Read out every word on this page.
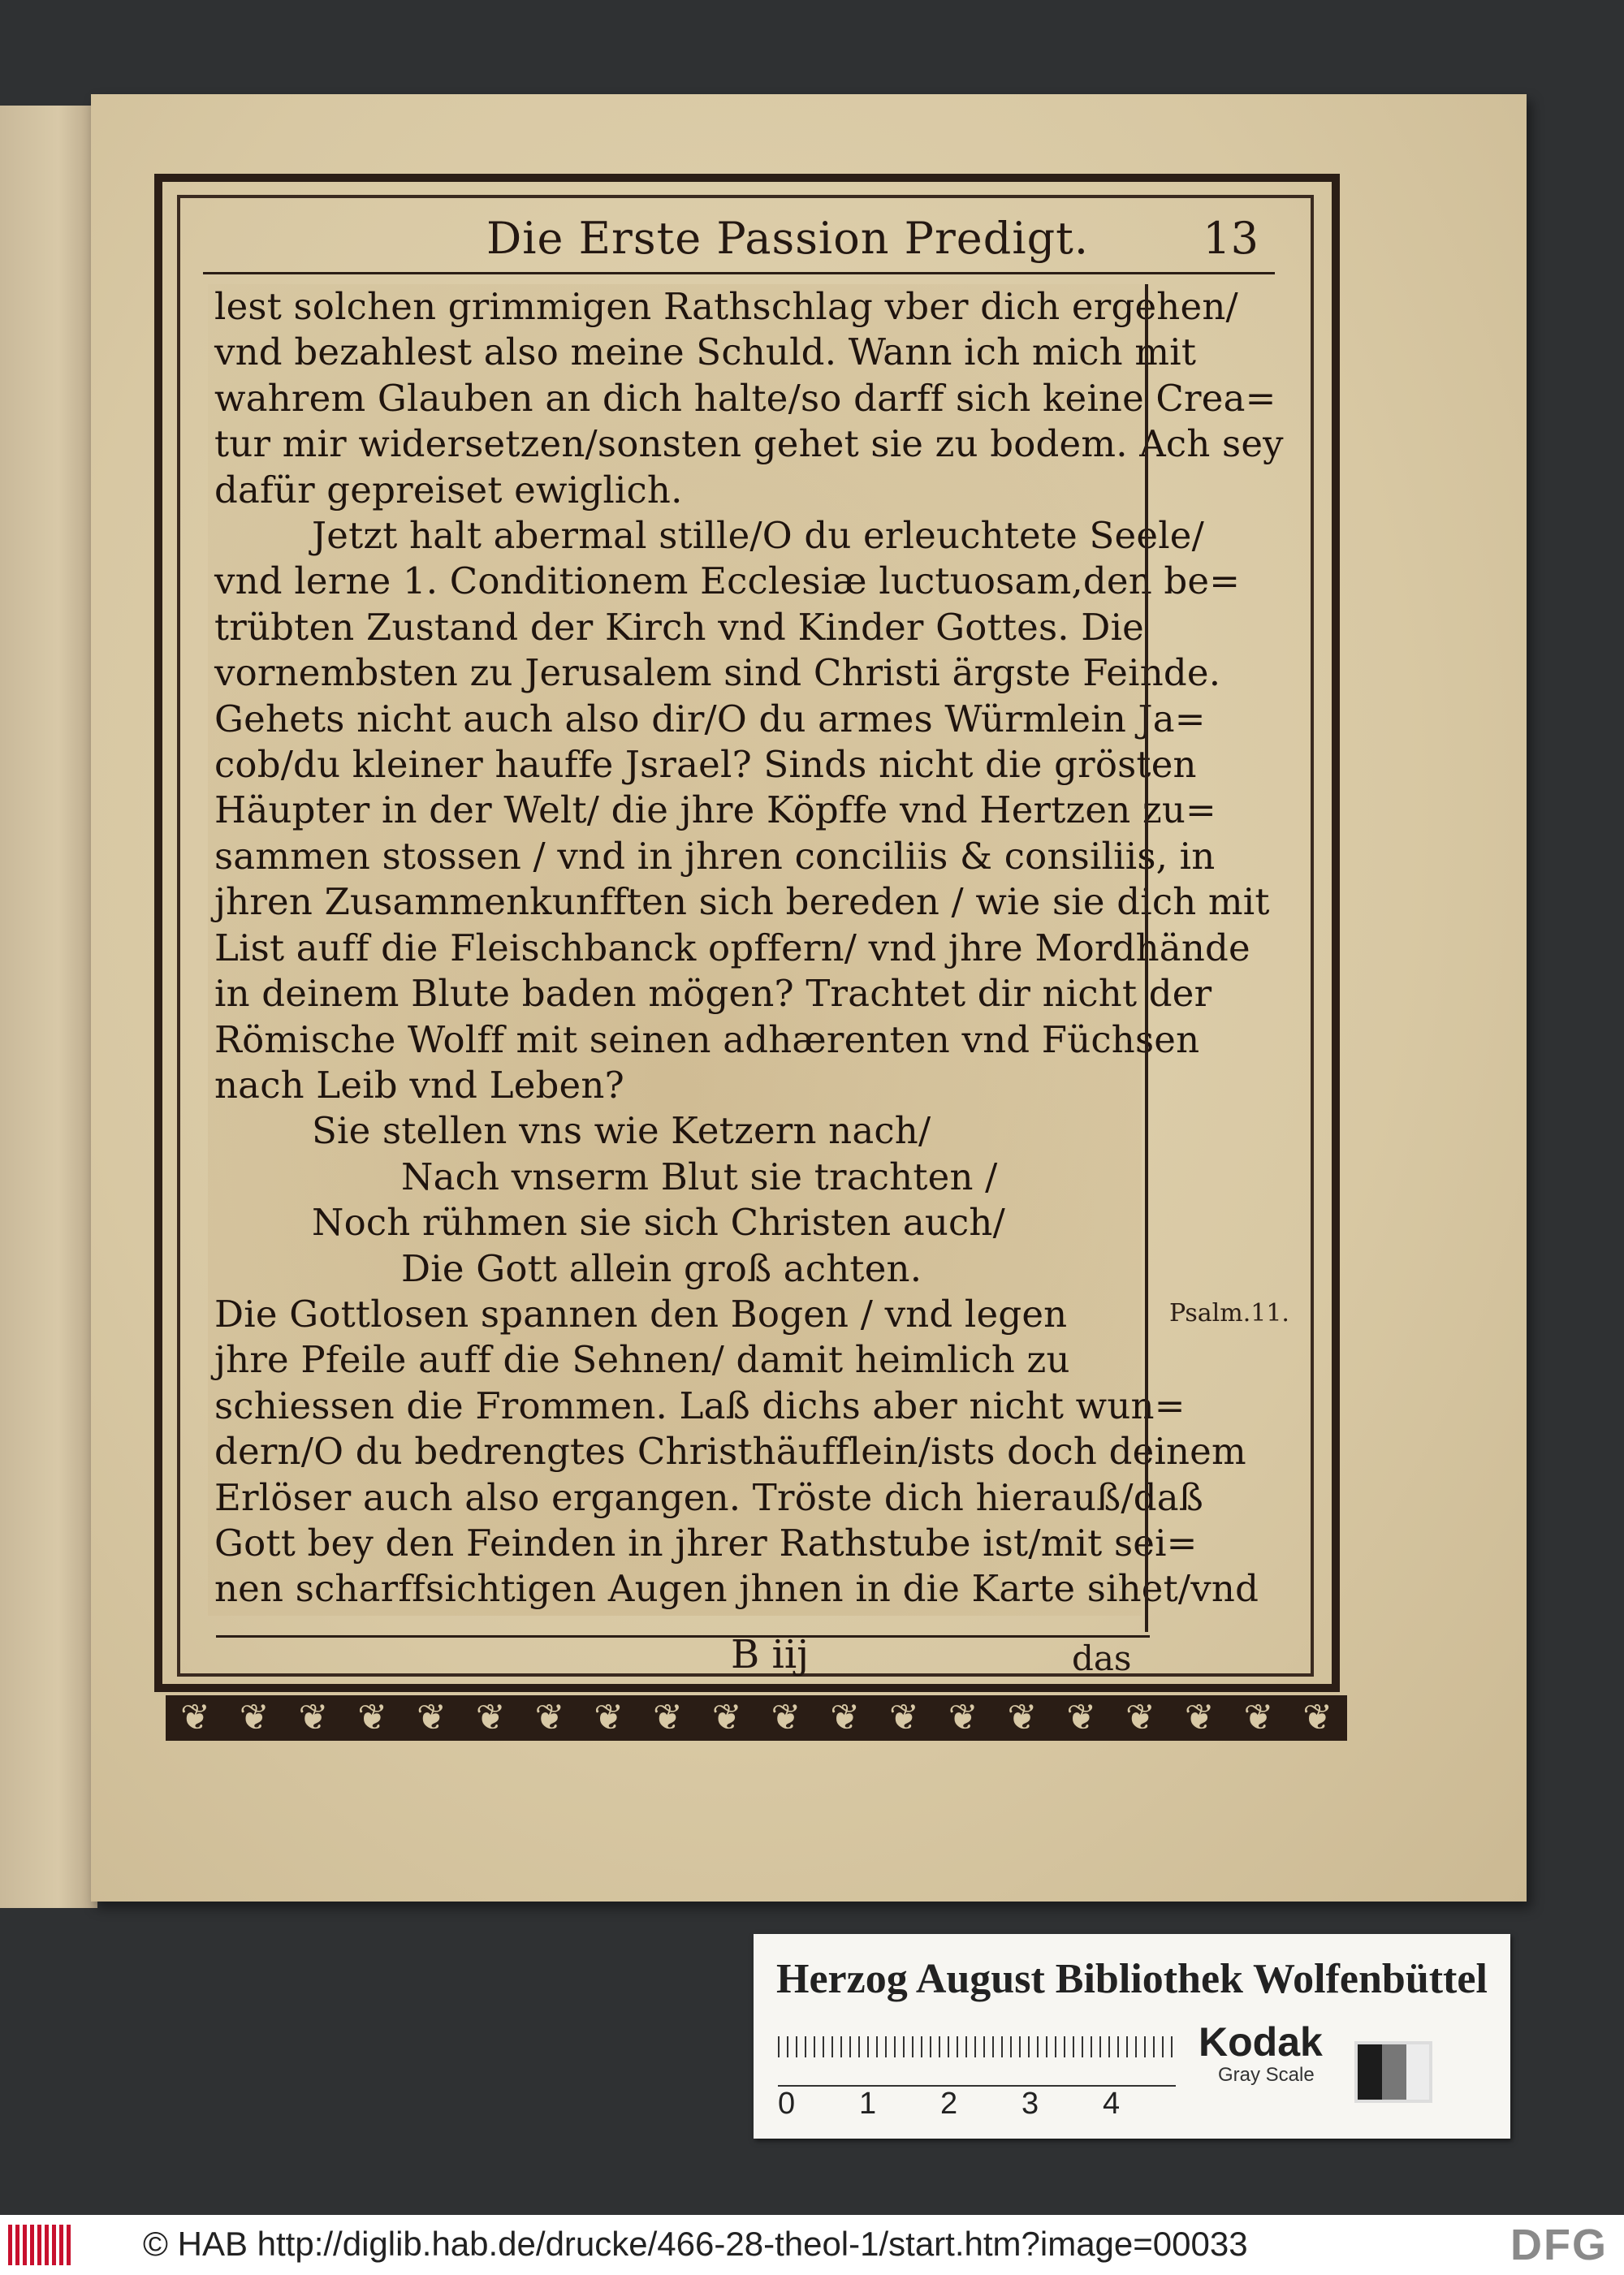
Die Erste Passion Predigt.	13
lest solchen grimmigen Rathschlag vber dich ergehen/
vnd bezahlest also meine Schuld. Wann ich mich mit
wahrem Glauben an dich halte/so darff sich keine Crea=
tur mir widersetzen/sonsten gehet sie zu bodem. Ach sey
dafür gepreiset ewiglich.
Jetzt halt abermal stille/O du erleuchtete Seele/
vnd lerne 1. Conditionem Ecclesiæ luctuosam,den be=
trübten Zustand der Kirch vnd Kinder Gottes. Die
vornembsten zu Jerusalem sind Christi ärgste Feinde.
Gehets nicht auch also dir/O du armes Würmlein Ja=
cob/du kleiner hauffe Jsrael? Sinds nicht die grösten
Häupter in der Welt/ die jhre Köpffe vnd Hertzen zu=
sammen stossen / vnd in jhren conciliis & consiliis, in
jhren Zusammenkunfften sich bereden / wie sie dich mit
List auff die Fleischbanck opffern/ vnd jhre Mordhände
in deinem Blute baden mögen? Trachtet dir nicht der
Römische Wolff mit seinen adhærenten vnd Füchsen
nach Leib vnd Leben?
Sie stellen vns wie Ketzern nach/
Nach vnserm Blut sie trachten /
Noch rühmen sie sich Christen auch/
Die Gott allein groß achten.
Die Gottlosen spannen den Bogen / vnd legen
jhre Pfeile auff die Sehnen/ damit heimlich zu
schiessen die Frommen. Laß dichs aber nicht wun=
dern/O du bedrengtes Christhäufflein/ists doch deinem
Erlöser auch also ergangen. Tröste dich hierauß/daß
Gott bey den Feinden in jhrer Rathstube ist/mit sei=
nen scharffsichtigen Augen jhnen in die Karte sihet/vnd
Psalm.11.
B iij	das
❦ ❦ ❦ ❦ ❦ ❦ ❦ ❦ ❦ ❦ ❦ ❦ ❦ ❦ ❦ ❦ ❦ ❦ ❦ ❦
Herzog August Bibliothek Wolfenbüttel
0	1	2	3	4
Kodak
Gray Scale
© HAB http://diglib.hab.de/drucke/466-28-theol-1/start.htm?image=00033	DFG
